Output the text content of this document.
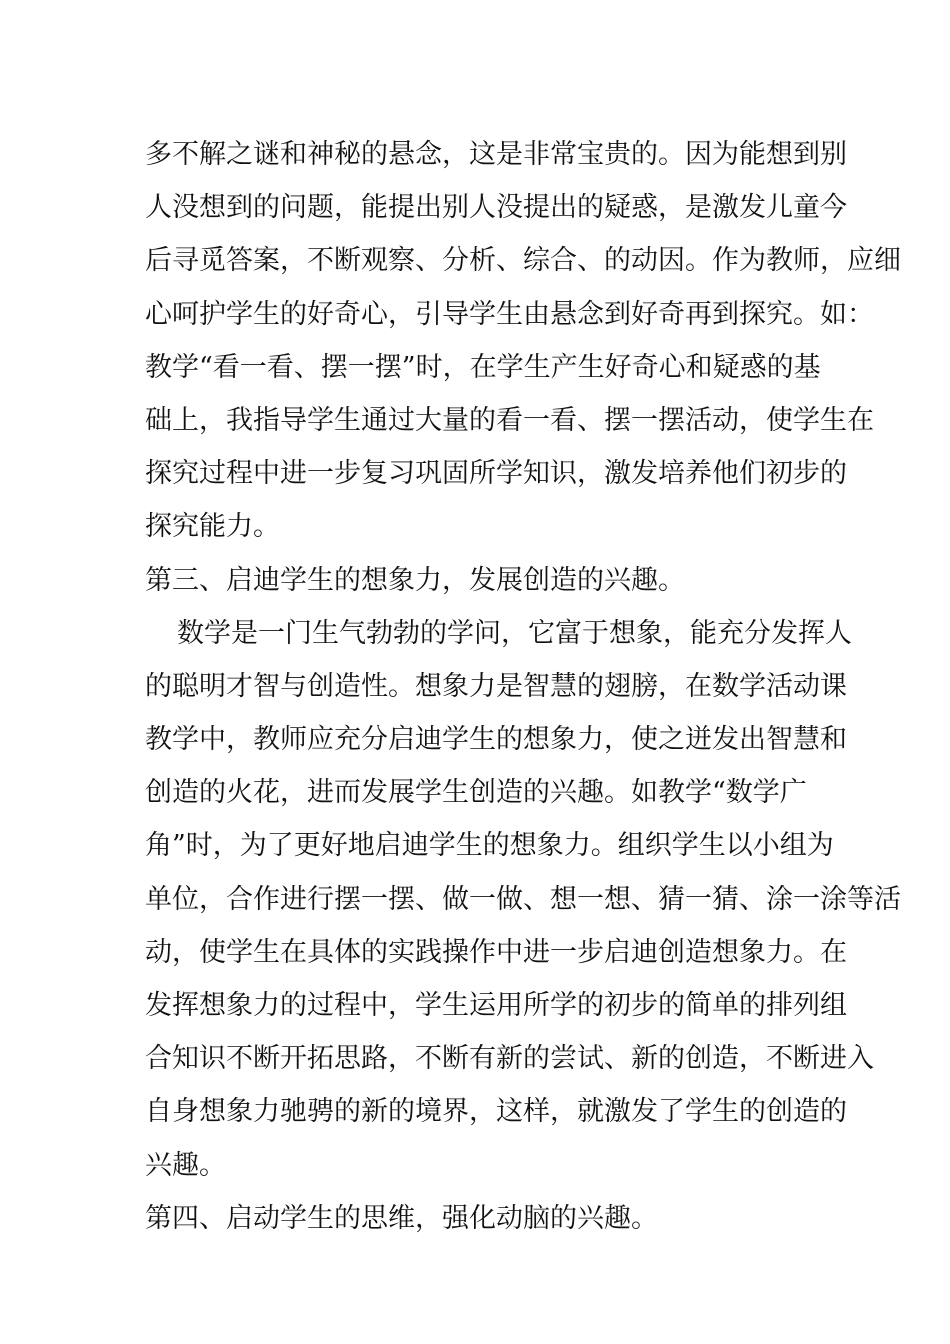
多不解之谜和神秘的悬念，这是非常宝贵的。因为能想到别
人没想到的问题，能提出别人没提出的疑惑，是激发儿童今
后寻觅答案，不断观察、分析、综合、的动因。作为教师，应细
心呵护学生的好奇心，引导学生由悬念到好奇再到探究。如：
教学“看一看、摆一摆”时，在学生产生好奇心和疑惑的基
础上，我指导学生通过大量的看一看、摆一摆活动，使学生在
探究过程中进一步复习巩固所学知识，激发培养他们初步的
探究能力。
第三、启迪学生的想象力，发展创造的兴趣。
数学是一门生气勃勃的学问，它富于想象，能充分发挥人
的聪明才智与创造性。想象力是智慧的翅膀，在数学活动课
教学中，教师应充分启迪学生的想象力，使之迸发出智慧和
创造的火花，进而发展学生创造的兴趣。如教学“数学广
角”时，为了更好地启迪学生的想象力。组织学生以小组为
单位，合作进行摆一摆、做一做、想一想、猜一猜、涂一涂等活
动，使学生在具体的实践操作中进一步启迪创造想象力。在
发挥想象力的过程中，学生运用所学的初步的简单的排列组
合知识不断开拓思路，不断有新的尝试、新的创造，不断进入
自身想象力驰骋的新的境界，这样，就激发了学生的创造的
兴趣。
第四、启动学生的思维，强化动脑的兴趣。
